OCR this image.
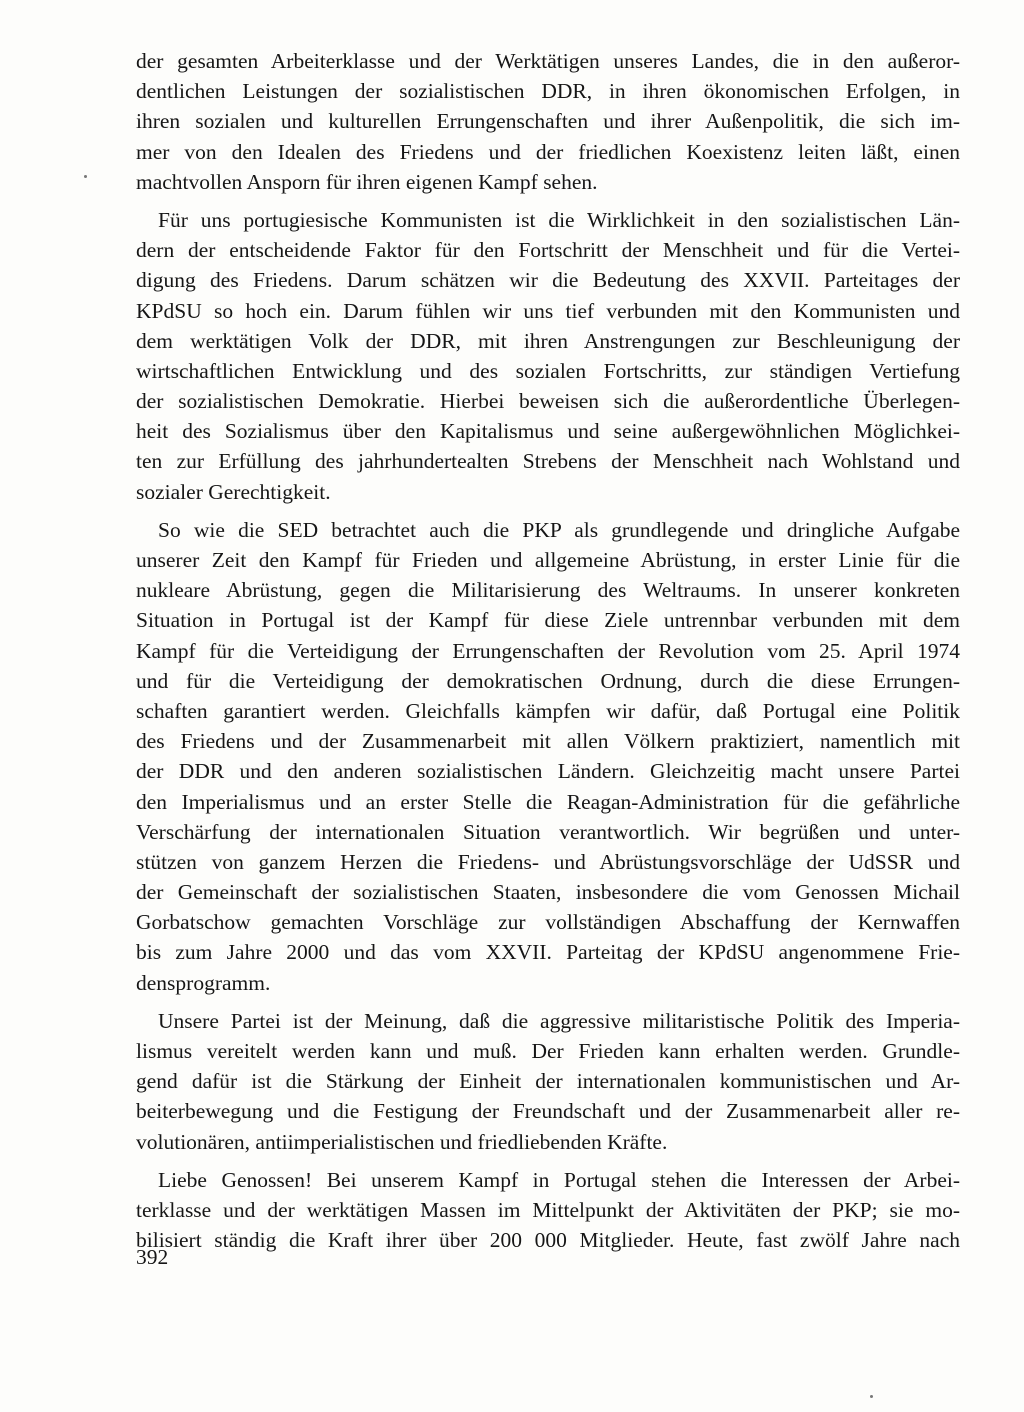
der gesamten Arbeiterklasse und der Werktätigen unseres Landes, die in den außeror-
dentlichen Leistungen der sozialistischen DDR, in ihren ökonomischen Erfolgen, in
ihren sozialen und kulturellen Errungenschaften und ihrer Außenpolitik, die sich im-
mer von den Idealen des Friedens und der friedlichen Koexistenz leiten läßt, einen
machtvollen Ansporn für ihren eigenen Kampf sehen.
Für uns portugiesische Kommunisten ist die Wirklichkeit in den sozialistischen Län-
dern der entscheidende Faktor für den Fortschritt der Menschheit und für die Vertei-
digung des Friedens. Darum schätzen wir die Bedeutung des XXVII. Parteitages der
KPdSU so hoch ein. Darum fühlen wir uns tief verbunden mit den Kommunisten und
dem werktätigen Volk der DDR, mit ihren Anstrengungen zur Beschleunigung der
wirtschaftlichen Entwicklung und des sozialen Fortschritts, zur ständigen Vertiefung
der sozialistischen Demokratie. Hierbei beweisen sich die außerordentliche Überlegen-
heit des Sozialismus über den Kapitalismus und seine außergewöhnlichen Möglichkei-
ten zur Erfüllung des jahrhundertealten Strebens der Menschheit nach Wohlstand und
sozialer Gerechtigkeit.
So wie die SED betrachtet auch die PKP als grundlegende und dringliche Aufgabe
unserer Zeit den Kampf für Frieden und allgemeine Abrüstung, in erster Linie für die
nukleare Abrüstung, gegen die Militarisierung des Weltraums. In unserer konkreten
Situation in Portugal ist der Kampf für diese Ziele untrennbar verbunden mit dem
Kampf für die Verteidigung der Errungenschaften der Revolution vom 25. April 1974
und für die Verteidigung der demokratischen Ordnung, durch die diese Errungen-
schaften garantiert werden. Gleichfalls kämpfen wir dafür, daß Portugal eine Politik
des Friedens und der Zusammenarbeit mit allen Völkern praktiziert, namentlich mit
der DDR und den anderen sozialistischen Ländern. Gleichzeitig macht unsere Partei
den Imperialismus und an erster Stelle die Reagan-Administration für die gefährliche
Verschärfung der internationalen Situation verantwortlich. Wir begrüßen und unter-
stützen von ganzem Herzen die Friedens- und Abrüstungsvorschläge der UdSSR und
der Gemeinschaft der sozialistischen Staaten, insbesondere die vom Genossen Michail
Gorbatschow gemachten Vorschläge zur vollständigen Abschaffung der Kernwaffen
bis zum Jahre 2000 und das vom XXVII. Parteitag der KPdSU angenommene Frie-
densprogramm.
Unsere Partei ist der Meinung, daß die aggressive militaristische Politik des Imperia-
lismus vereitelt werden kann und muß. Der Frieden kann erhalten werden. Grundle-
gend dafür ist die Stärkung der Einheit der internationalen kommunistischen und Ar-
beiterbewegung und die Festigung der Freundschaft und der Zusammenarbeit aller re-
volutionären, antiimperialistischen und friedliebenden Kräfte.
Liebe Genossen! Bei unserem Kampf in Portugal stehen die Interessen der Arbei-
terklasse und der werktätigen Massen im Mittelpunkt der Aktivitäten der PKP; sie mo-
bilisiert ständig die Kraft ihrer über 200 000 Mitglieder. Heute, fast zwölf Jahre nach
392
